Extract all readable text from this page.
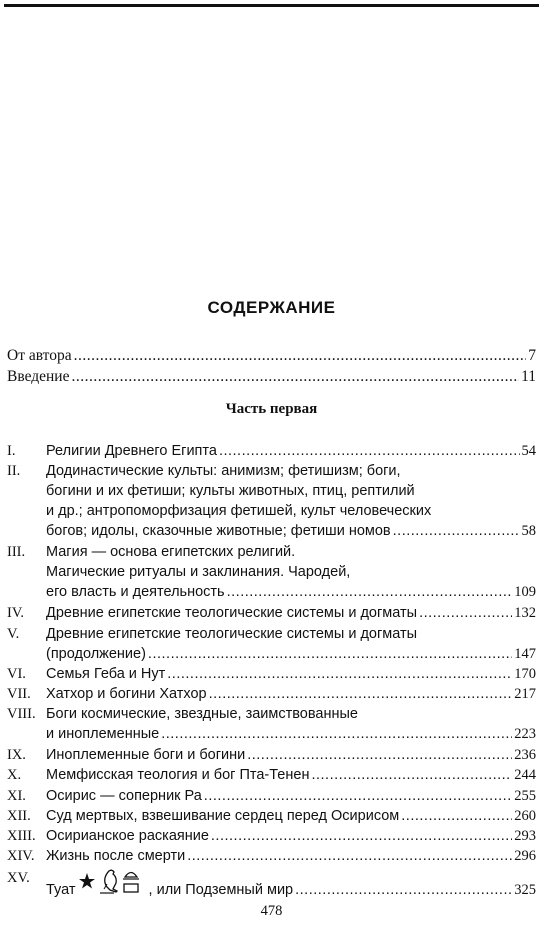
СОДЕРЖАНИЕ
От автора .....	7
Введение .....	11
Часть первая
I. Религии Древнего Египта .....	54
II. Додинастические культы: анимизм; фетишизм; боги,
богини и их фетиши; культы животных, птиц, рептилий
и др.; антропоморфизация фетишей, культ человеческих
богов; идолы, сказочные животные; фетиши номов .....	58
III. Магия — основа египетских религий.
Магические ритуалы и заклинания. Чародей,
его власть и деятельность .....	109
IV. Древние египетские теологические системы и догматы .....	132
V. Древние египетские теологические системы и догматы
(продолжение) .....	147
VI. Семья Геба и Нут .....	170
VII. Хатхор и богини Хатхор .....	217
VIII. Боги космические, звездные, заимствованные
и иноплеменные .....	223
IX. Иноплеменные боги и богини .....	236
X. Мемфисская теология и бог Пта-Тенен .....	244
XI. Осирис — соперник Ра .....	255
XII. Суд мертвых, взвешивание сердец перед Осирисом .....	260
XIII. Осирианское раскаяние .....	293
XIV. Жизнь после смерти .....	296
XV.
Туат	, или Подземный мир .....	325
478
